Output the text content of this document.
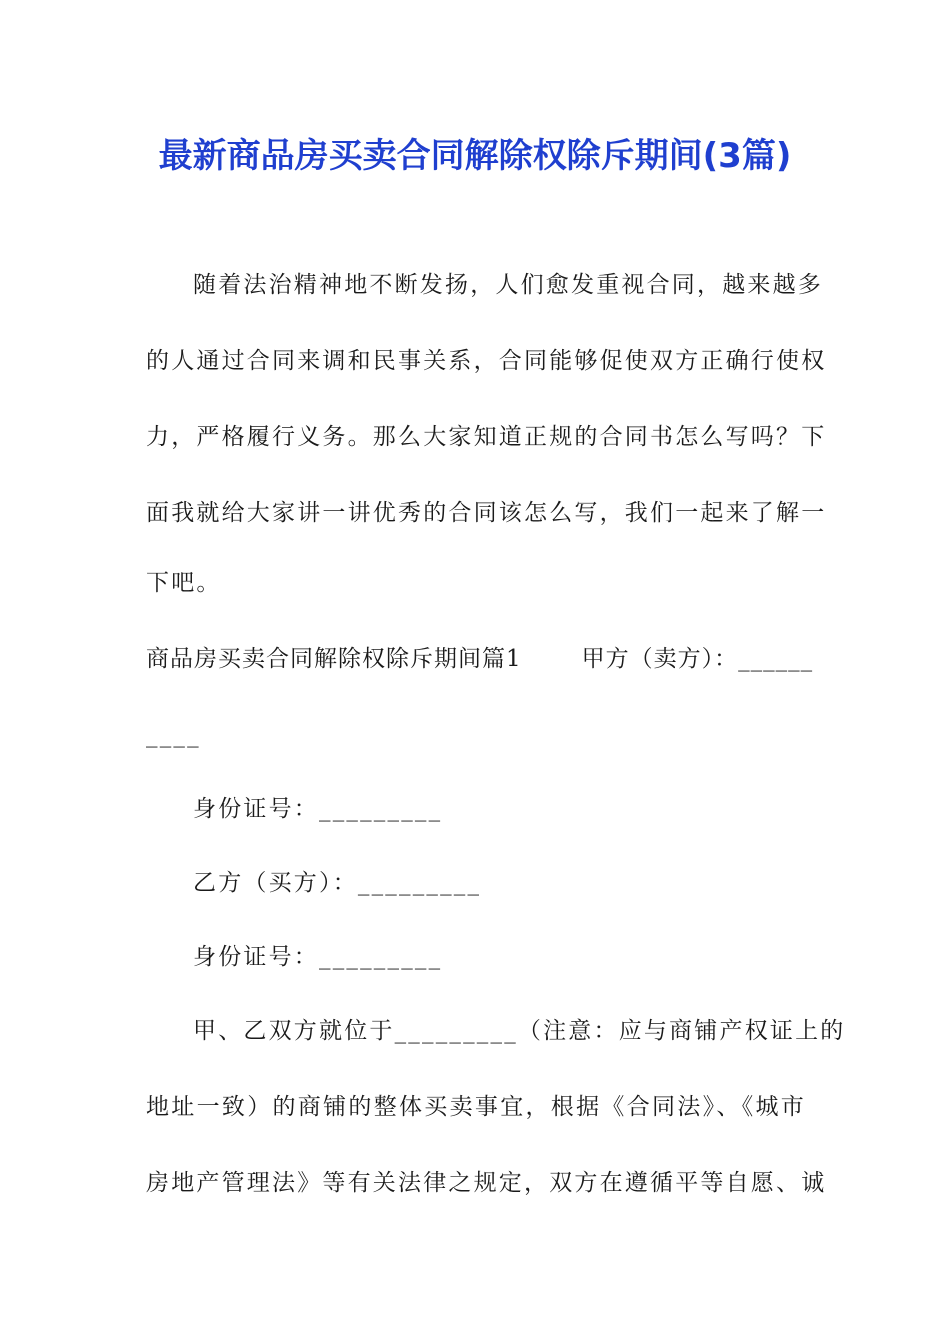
最新商品房买卖合同解除权除斥期间(3篇)
随着法治精神地不断发扬，人们愈发重视合同，越来越多
的人通过合同来调和民事关系，合同能够促使双方正确行使权
力，严格履行义务。那么大家知道正规的合同书怎么写吗？下
面我就给大家讲一讲优秀的合同该怎么写，我们一起来了解一
下吧。
商品房买卖合同解除权除斥期间篇1	甲方（卖方）：______
____
身份证号：_________
乙方（买方）：_________
身份证号：_________
甲、乙双方就位于_________（注意：应与商铺产权证上的
地址一致）的商铺的整体买卖事宜，根据《合同法》、《城市
房地产管理法》等有关法律之规定，双方在遵循平等自愿、诚
